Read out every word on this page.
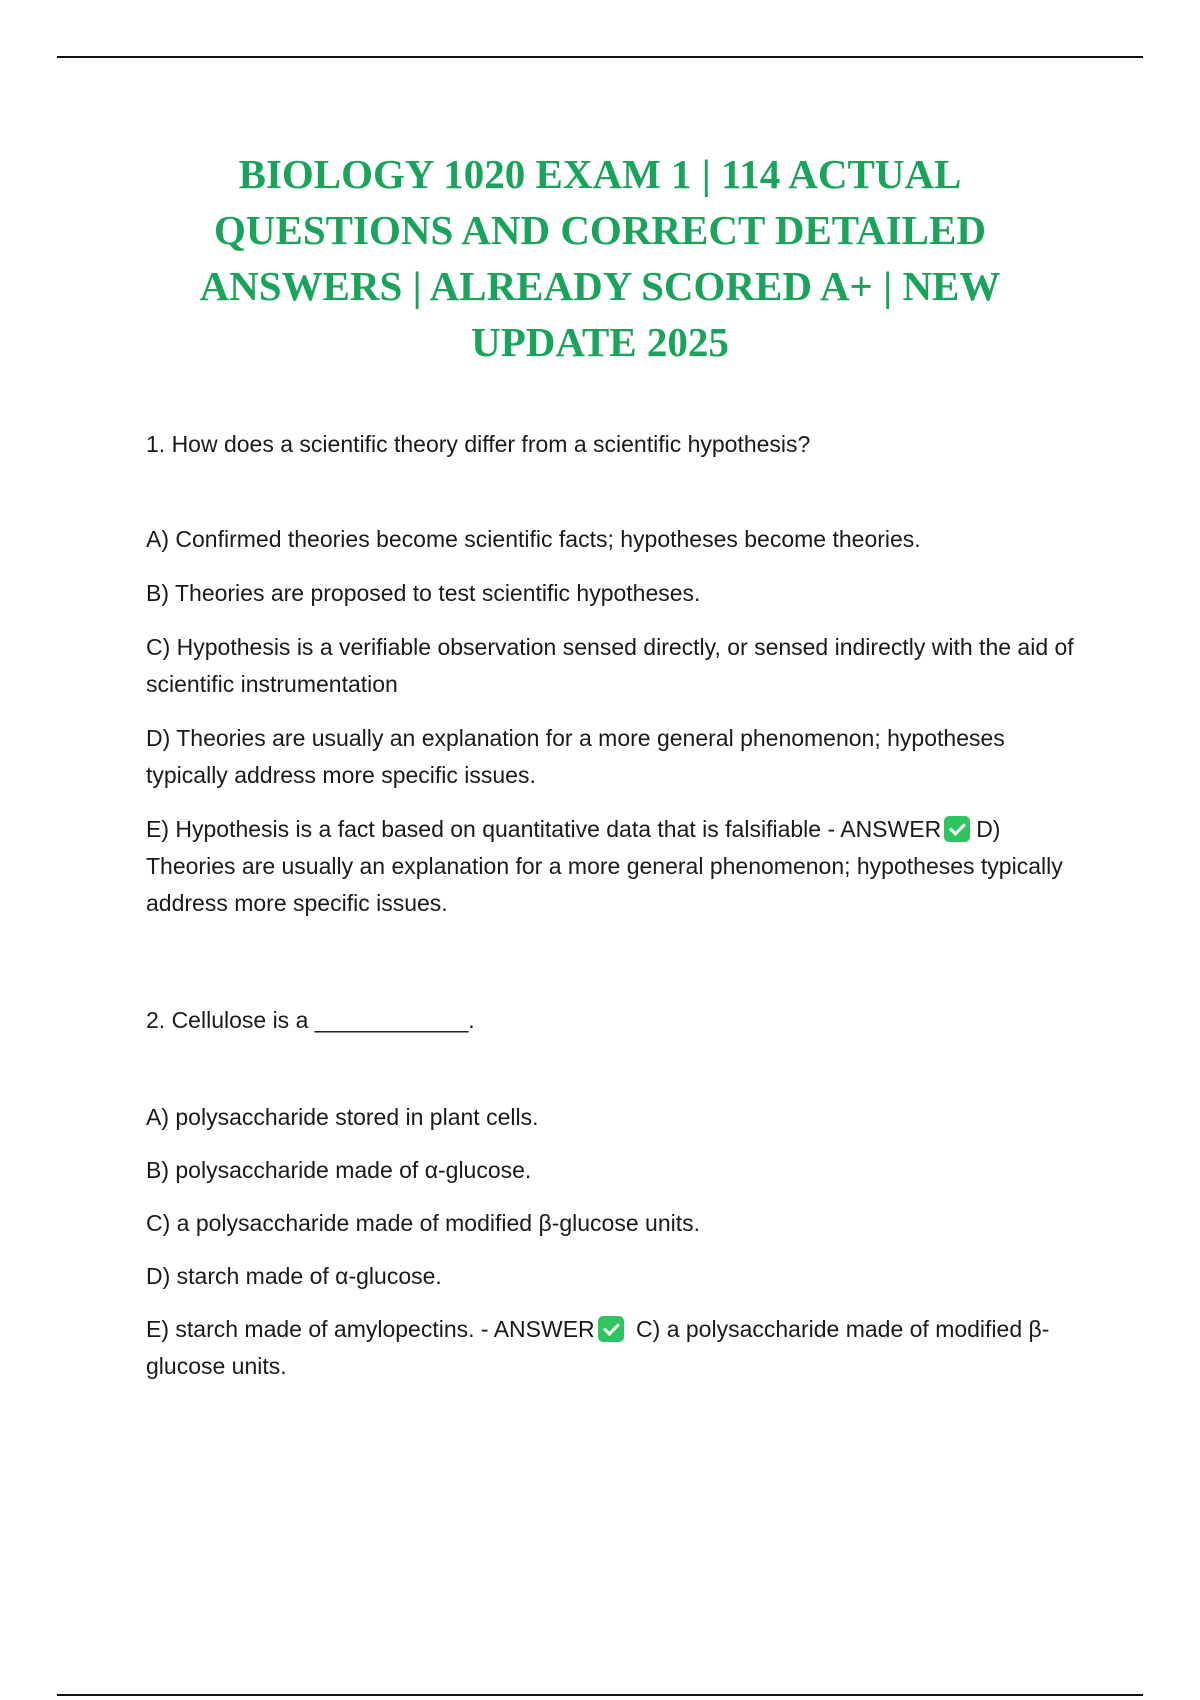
BIOLOGY 1020 EXAM 1 | 114 ACTUAL QUESTIONS AND CORRECT DETAILED ANSWERS | ALREADY SCORED A+ | NEW UPDATE 2025

1. How does a scientific theory differ from a scientific hypothesis?

A) Confirmed theories become scientific facts; hypotheses become theories.

B) Theories are proposed to test scientific hypotheses.

C) Hypothesis is a verifiable observation sensed directly, or sensed indirectly with the aid of scientific instrumentation

D) Theories are usually an explanation for a more general phenomenon; hypotheses typically address more specific issues.

E) Hypothesis is a fact based on quantitative data that is falsifiable - ANSWER D) Theories are usually an explanation for a more general phenomenon; hypotheses typically address more specific issues.

2. Cellulose is a ____________.

A) polysaccharide stored in plant cells.

B) polysaccharide made of α-glucose.

C) a polysaccharide made of modified β-glucose units.

D) starch made of α-glucose.

E) starch made of amylopectins. - ANSWER C) a polysaccharide made of modified β-glucose units.
